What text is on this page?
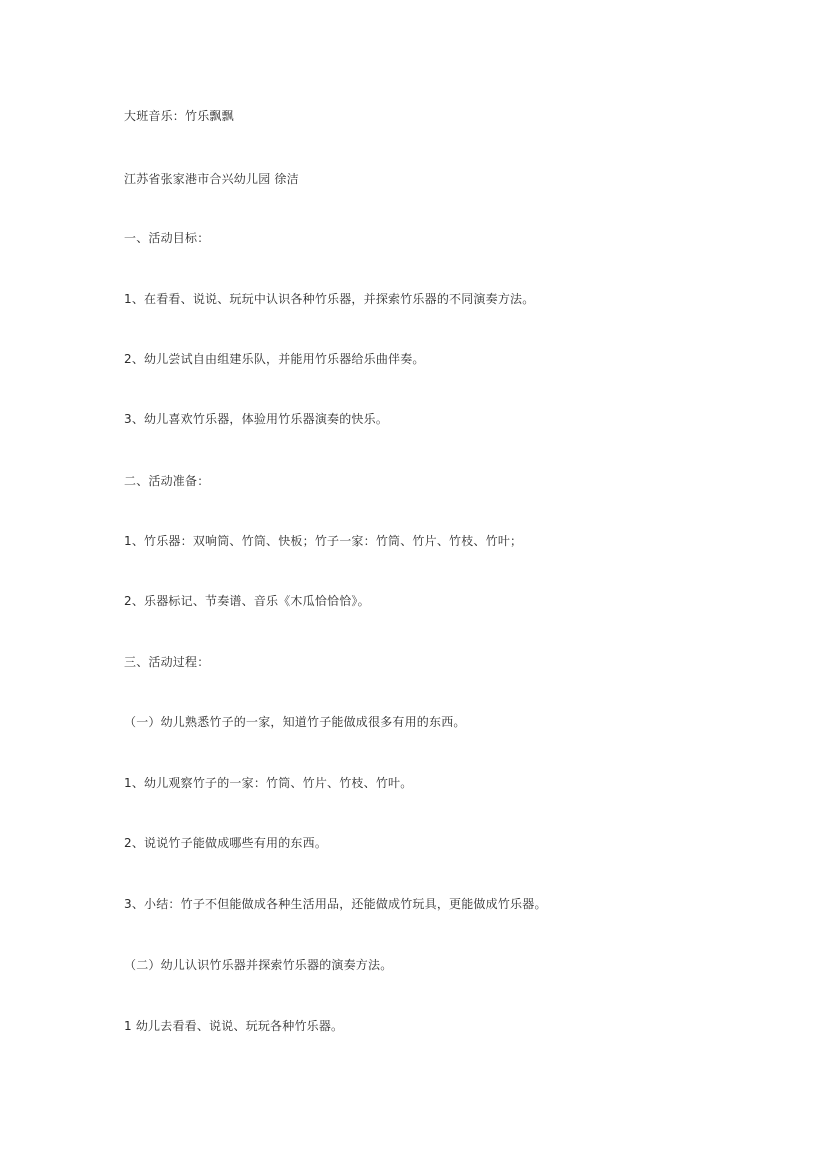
大班音乐：竹乐飘飘

江苏省张家港市合兴幼儿园 徐洁

一、活动目标：

1、在看看、说说、玩玩中认识各种竹乐器，并探索竹乐器的不同演奏方法。

2、幼儿尝试自由组建乐队，并能用竹乐器给乐曲伴奏。

3、幼儿喜欢竹乐器，体验用竹乐器演奏的快乐。

二、活动准备：

1、竹乐器：双响筒、竹筒、快板；竹子一家：竹筒、竹片、竹枝、竹叶；

2、乐器标记、节奏谱、音乐《木瓜恰恰恰》。

三、活动过程：

（一）幼儿熟悉竹子的一家，知道竹子能做成很多有用的东西。

1、幼儿观察竹子的一家：竹筒、竹片、竹枝、竹叶。

2、说说竹子能做成哪些有用的东西。

3、小结：竹子不但能做成各种生活用品，还能做成竹玩具，更能做成竹乐器。

（二）幼儿认识竹乐器并探索竹乐器的演奏方法。

1 幼儿去看看、说说、玩玩各种竹乐器。
